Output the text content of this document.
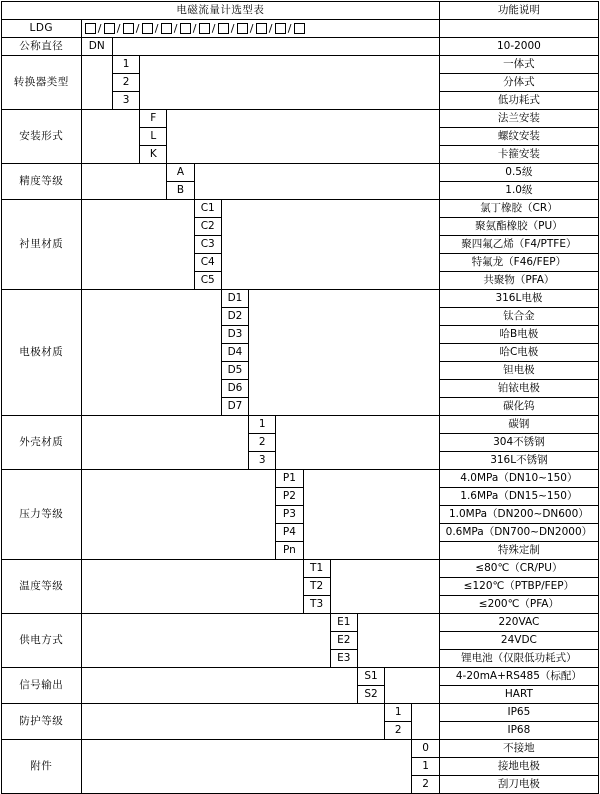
电磁流量计选型表														功能说明
LDG	/ / / / / / / / / / /

公称直径	DN													10-2000
转换器类型		1												一体式
		2												分体式
		3												低功耗式
安装形式			F											法兰安装
			L											螺纹安装
			K											卡箍安装
精度等级				A										0.5级
				B										1.0级
衬里材质					C1									氯丁橡胶（CR）
					C2									聚氨酯橡胶（PU）
					C3									聚四氟乙烯（F4/PTFE）
					C4									特氟龙（F46/FEP）
					C5									共聚物（PFA）
电极材质						D1								316L电极
						D2								钛合金
						D3								哈B电极
						D4								哈C电极
						D5								钽电极
						D6								铂铱电极
						D7								碳化钨
外壳材质							1							碳钢
							2							304不锈钢
							3							316L不锈钢
压力等级								P1						4.0MPa（DN10~150）
								P2						1.6MPa（DN15~150）
								P3						1.0MPa（DN200~DN600）
								P4						0.6MPa（DN700~DN2000）
								Pn						特殊定制
温度等级									T1					≤80℃（CR/PU）
									T2					≤120℃（PTBP/FEP）
									T3					≤200℃（PFA）
供电方式										E1				220VAC
										E2				24VDC
										E3				锂电池（仅限低功耗式）
信号输出											S1			4-20mA+RS485（标配）
											S2			HART
防护等级												1		IP65
												2		IP68
附件													0	不接地
													1	接地电极
													2	刮刀电极
